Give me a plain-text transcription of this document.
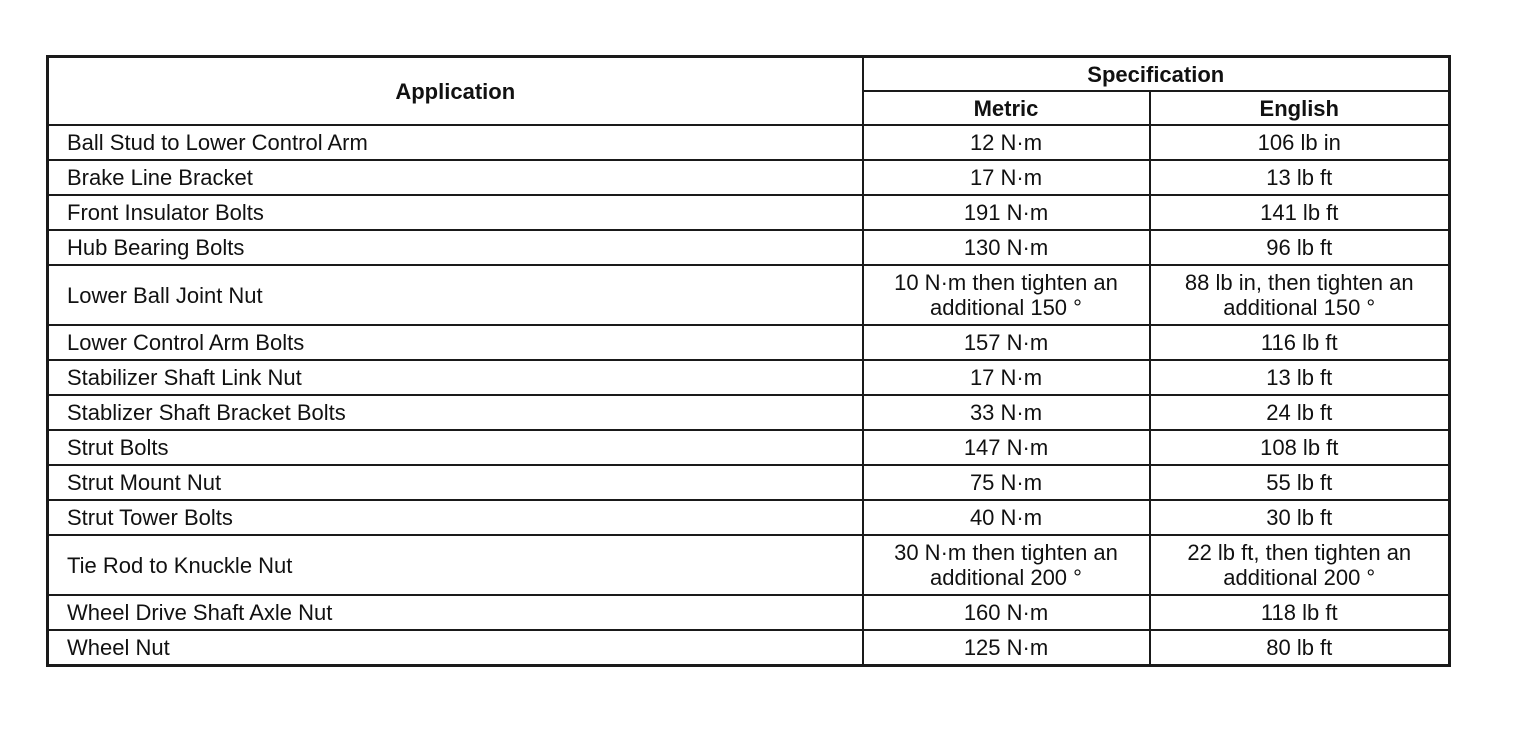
Application	Specification	
	Metric	English
Ball Stud to Lower Control Arm	12 N·m	106 lb in
Brake Line Bracket	17 N·m	13 lb ft
Front Insulator Bolts	191 N·m	141 lb ft
Hub Bearing Bolts	130 N·m	96 lb ft
Lower Ball Joint Nut	10 N·m then tighten an additional 150 °	88 lb in, then tighten an additional 150 °
Lower Control Arm Bolts	157 N·m	116 lb ft
Stabilizer Shaft Link Nut	17 N·m	13 lb ft
Stablizer Shaft Bracket Bolts	33 N·m	24 lb ft
Strut Bolts	147 N·m	108 lb ft
Strut Mount Nut	75 N·m	55 lb ft
Strut Tower Bolts	40 N·m	30 lb ft
Tie Rod to Knuckle Nut	30 N·m then tighten an additional 200 °	22 lb ft, then tighten an additional 200 °
Wheel Drive Shaft Axle Nut	160 N·m	118 lb ft
Wheel Nut	125 N·m	80 lb ft
